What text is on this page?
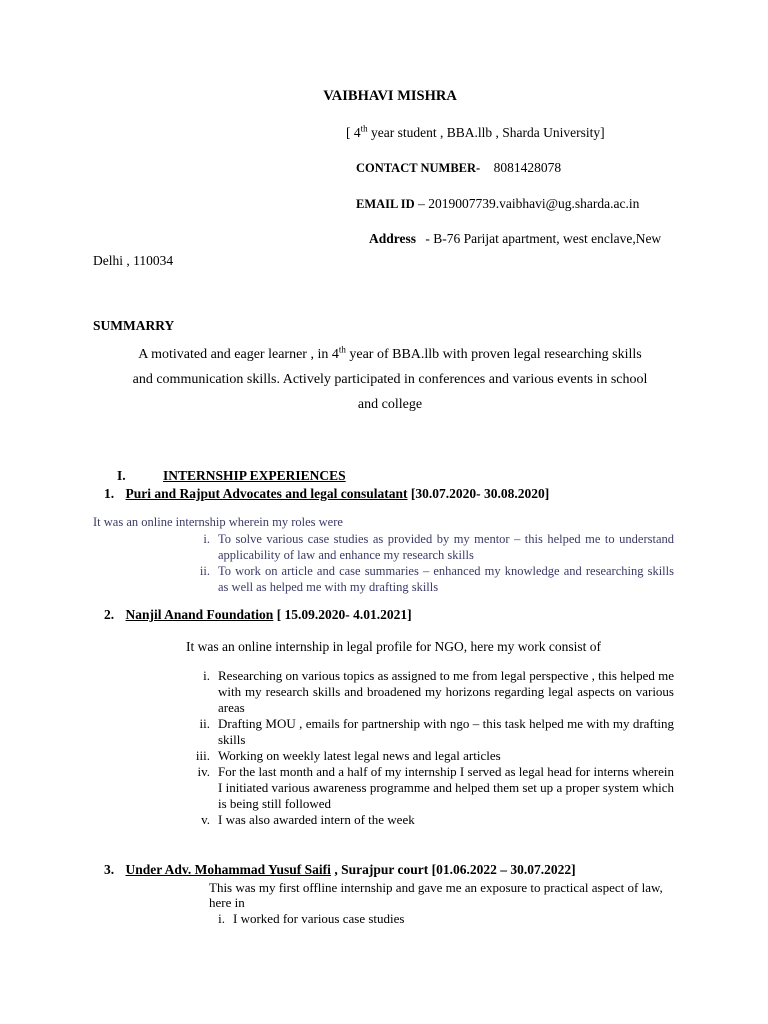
VAIBHAVI MISHRA
[ 4th year student , BBA.llb , Sharda University]
CONTACT NUMBER- 8081428078
EMAIL ID – 2019007739.vaibhavi@ug.sharda.ac.in
Address - B-76 Parijat apartment, west enclave,New
Delhi , 110034
SUMMARRY
A motivated and eager learner , in 4th year of BBA.llb with proven legal researching skills
and communication skills. Actively participated in conferences and various events in school
and college
I.	INTERNSHIP EXPERIENCES
1. Puri and Rajput Advocates and legal consulatant [30.07.2020- 30.08.2020]
It was an online internship wherein my roles were
i. To solve various case studies as provided by my mentor – this helped me to understand applicability of law and enhance my research skills
ii. To work on article and case summaries – enhanced my knowledge and researching skills as well as helped me with my drafting skills
2. Nanjil Anand Foundation [ 15.09.2020- 4.01.2021]
It was an online internship in legal profile for NGO, here my work consist of
i. Researching on various topics as assigned to me from legal perspective , this helped me with my research skills and broadened my horizons regarding legal aspects on various areas
ii. Drafting MOU , emails for partnership with ngo – this task helped me with my drafting skills
iii. Working on weekly latest legal news and legal articles
iv. For the last month and a half of my internship I served as legal head for interns wherein I initiated various awareness programme and helped them set up a proper system which is being still followed
v. I was also awarded intern of the week
3. Under Adv. Mohammad Yusuf Saifi , Surajpur court [01.06.2022 – 30.07.2022]
This was my first offline internship and gave me an exposure to practical aspect of law, here in
i. I worked for various case studies
